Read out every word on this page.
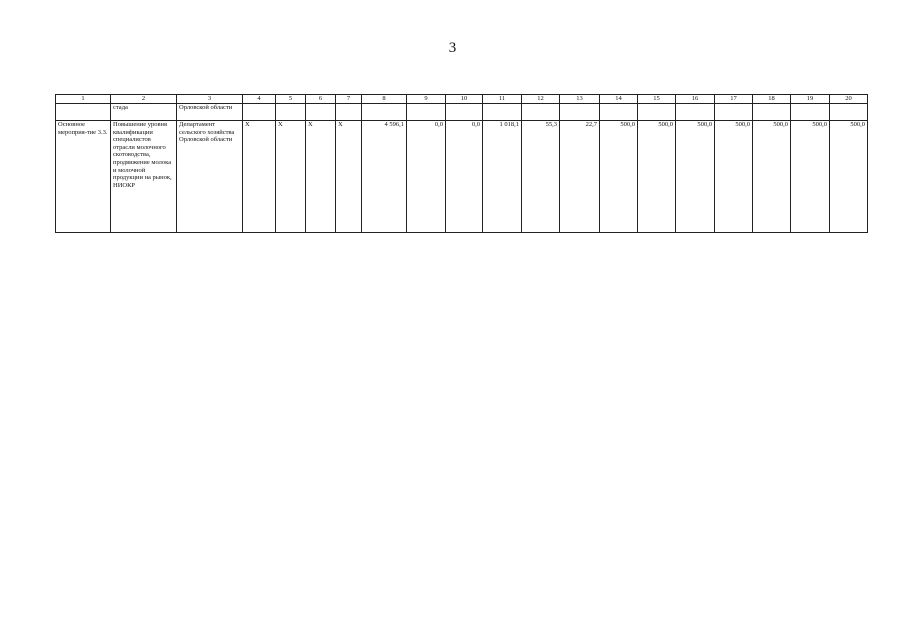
3
1	2	3	4	5	6	7	8	9	10	11	12	13	14	15	16	17	18	19	20
	стада	Орловской области																	
Основное мероприя-тие 3.3.	Повышение уровня квалификации специалистов отрасли молочного скотоводства, продвижение молока и молочной продукции на рынок, НИОКР	Департамент сельского хозяйства Орловской области	Х	Х	Х	Х	4 596,1	0,0	0,0	1 018,1	55,3	22,7	500,0	500,0	500,0	500,0	500,0	500,0	500,0
